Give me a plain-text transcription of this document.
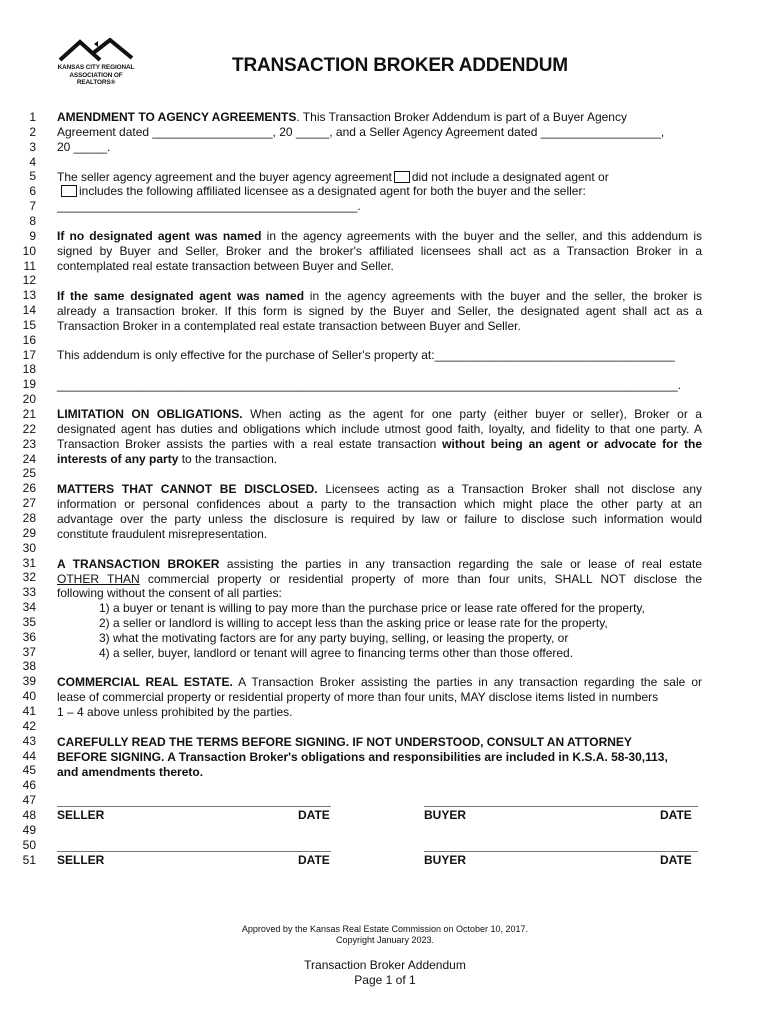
KANSAS CITY REGIONAL
ASSOCIATION OF REALTORS®
TRANSACTION BROKER ADDENDUM
1
2
3
4
5
6
7
8
9
10
11
12
13
14
15
16
17
18
19
20
21
22
23
24
25
26
27
28
29
30
31
32
33
34
35
36
37
38
39
40
41
42
43
44
45
46
47
48
49
50
51
AMENDMENT TO AGENCY AGREEMENTS. This Transaction Broker Addendum is part of a Buyer Agency
Agreement dated __________________, 20 _____, and a Seller Agency Agreement dated __________________,
20 _____.
The seller agency agreement and the buyer agency agreement did not include a designated agent or
includes the following affiliated licensee as a designated agent for both the buyer and the seller:
_____________________________________________.
If no designated agent was named in the agency agreements with the buyer and the seller, and this addendum is
signed by Buyer and Seller, Broker and the broker's affiliated licensees shall act as a Transaction Broker in a
contemplated real estate transaction between Buyer and Seller.
If the same designated agent was named in the agency agreements with the buyer and the seller, the broker is
already a transaction broker. If this form is signed by the Buyer and Seller, the designated agent shall act as a
Transaction Broker in a contemplated real estate transaction between Buyer and Seller.
This addendum is only effective for the purchase of Seller's property at:____________________________________
_____________________________________________________________________________________________.
LIMITATION ON OBLIGATIONS. When acting as the agent for one party (either buyer or seller), Broker or a
designated agent has duties and obligations which include utmost good faith, loyalty, and fidelity to that one party. A
Transaction Broker assists the parties with a real estate transaction without being an agent or advocate for the
interests of any party to the transaction.
MATTERS THAT CANNOT BE DISCLOSED. Licensees acting as a Transaction Broker shall not disclose any
information or personal confidences about a party to the transaction which might place the other party at an
advantage over the party unless the disclosure is required by law or failure to disclose such information would
constitute fraudulent misrepresentation.
A TRANSACTION BROKER assisting the parties in any transaction regarding the sale or lease of real estate
OTHER THAN commercial property or residential property of more than four units, SHALL NOT disclose the
following without the consent of all parties:
1) a buyer or tenant is willing to pay more than the purchase price or lease rate offered for the property,
2) a seller or landlord is willing to accept less than the asking price or lease rate for the property,
3) what the motivating factors are for any party buying, selling, or leasing the property, or
4) a seller, buyer, landlord or tenant will agree to financing terms other than those offered.
COMMERCIAL REAL ESTATE. A Transaction Broker assisting the parties in any transaction regarding the sale or
lease of commercial property or residential property of more than four units, MAY disclose items listed in numbers
1 – 4 above unless prohibited by the parties.
CAREFULLY READ THE TERMS BEFORE SIGNING. IF NOT UNDERSTOOD, CONSULT AN ATTORNEY
BEFORE SIGNING. A Transaction Broker's obligations and responsibilities are included in K.S.A. 58-30,113,
and amendments thereto.
SELLER	DATE	BUYER	DATE
SELLER	DATE	BUYER	DATE
Approved by the Kansas Real Estate Commission on October 10, 2017.
Copyright January 2023.
Transaction Broker Addendum
Page 1 of 1
